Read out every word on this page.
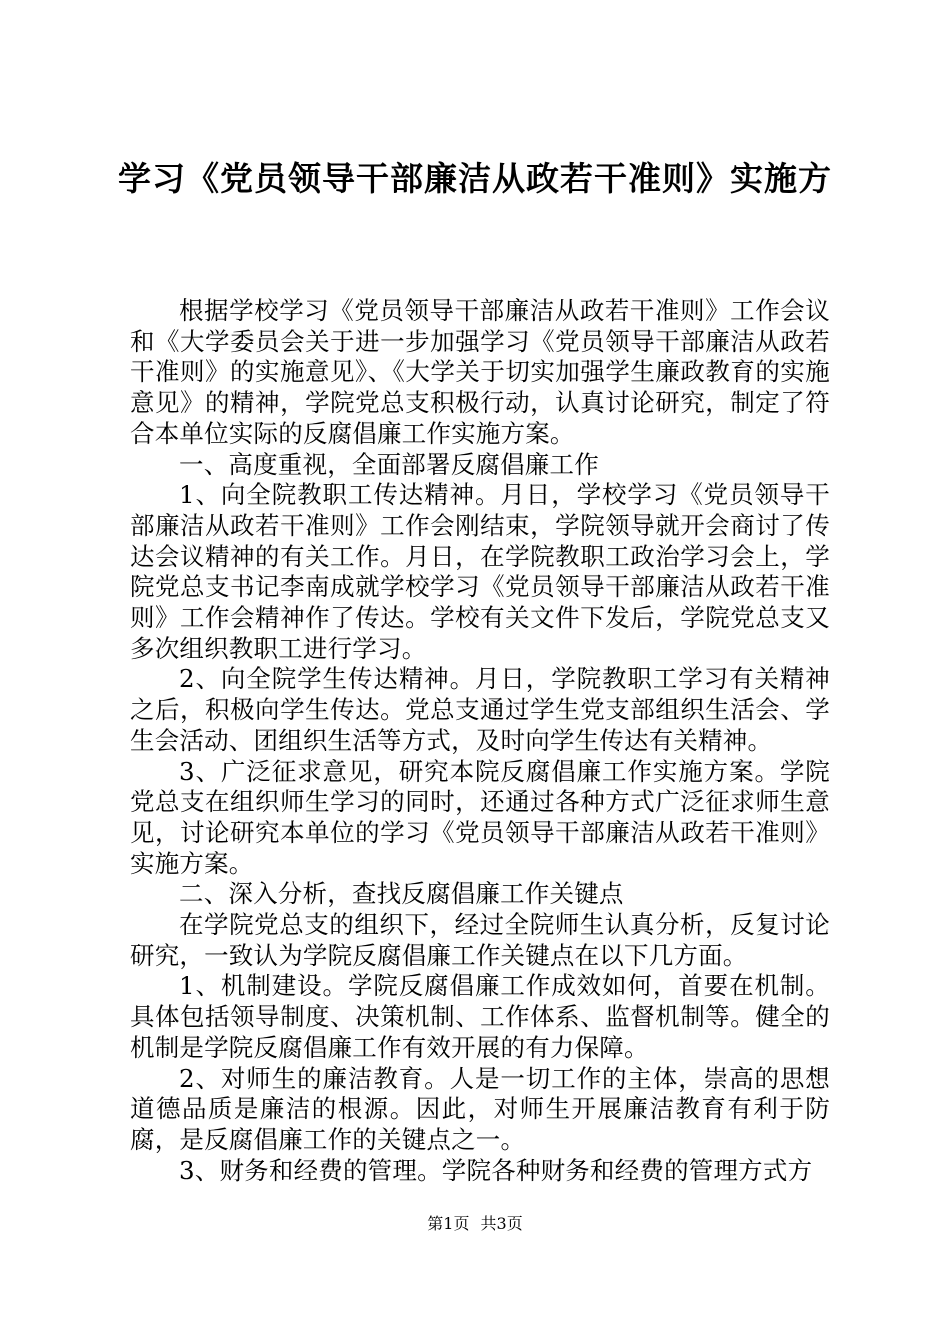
学习《党员领导干部廉洁从政若干准则》实施方

根据学校学习《党员领导干部廉洁从政若干准则》工作会议和《大学委员会关于进一步加强学习《党员领导干部廉洁从政若干准则》的实施意见》、《大学关于切实加强学生廉政教育的实施意见》的精神，学院党总支积极行动，认真讨论研究，制定了符合本单位实际的反腐倡廉工作实施方案。

一、高度重视，全面部署反腐倡廉工作

1、向全院教职工传达精神。月日，学校学习《党员领导干部廉洁从政若干准则》工作会刚结束，学院领导就开会商讨了传达会议精神的有关工作。月日，在学院教职工政治学习会上，学院党总支书记李南成就学校学习《党员领导干部廉洁从政若干准则》工作会精神作了传达。学校有关文件下发后，学院党总支又多次组织教职工进行学习。

2、向全院学生传达精神。月日，学院教职工学习有关精神之后，积极向学生传达。党总支通过学生党支部组织生活会、学生会活动、团组织生活等方式，及时向学生传达有关精神。

3、广泛征求意见，研究本院反腐倡廉工作实施方案。学院党总支在组织师生学习的同时，还通过各种方式广泛征求师生意见，讨论研究本单位的学习《党员领导干部廉洁从政若干准则》实施方案。

二、深入分析，查找反腐倡廉工作关键点

在学院党总支的组织下，经过全院师生认真分析，反复讨论研究，一致认为学院反腐倡廉工作关键点在以下几方面。

1、机制建设。学院反腐倡廉工作成效如何，首要在机制。具体包括领导制度、决策机制、工作体系、监督机制等。健全的机制是学院反腐倡廉工作有效开展的有力保障。

2、对师生的廉洁教育。人是一切工作的主体，崇高的思想道德品质是廉洁的根源。因此，对师生开展廉洁教育有利于防腐，是反腐倡廉工作的关键点之一。

3、财务和经费的管理。学院各种财务和经费的管理方式方

第1页 共3页
